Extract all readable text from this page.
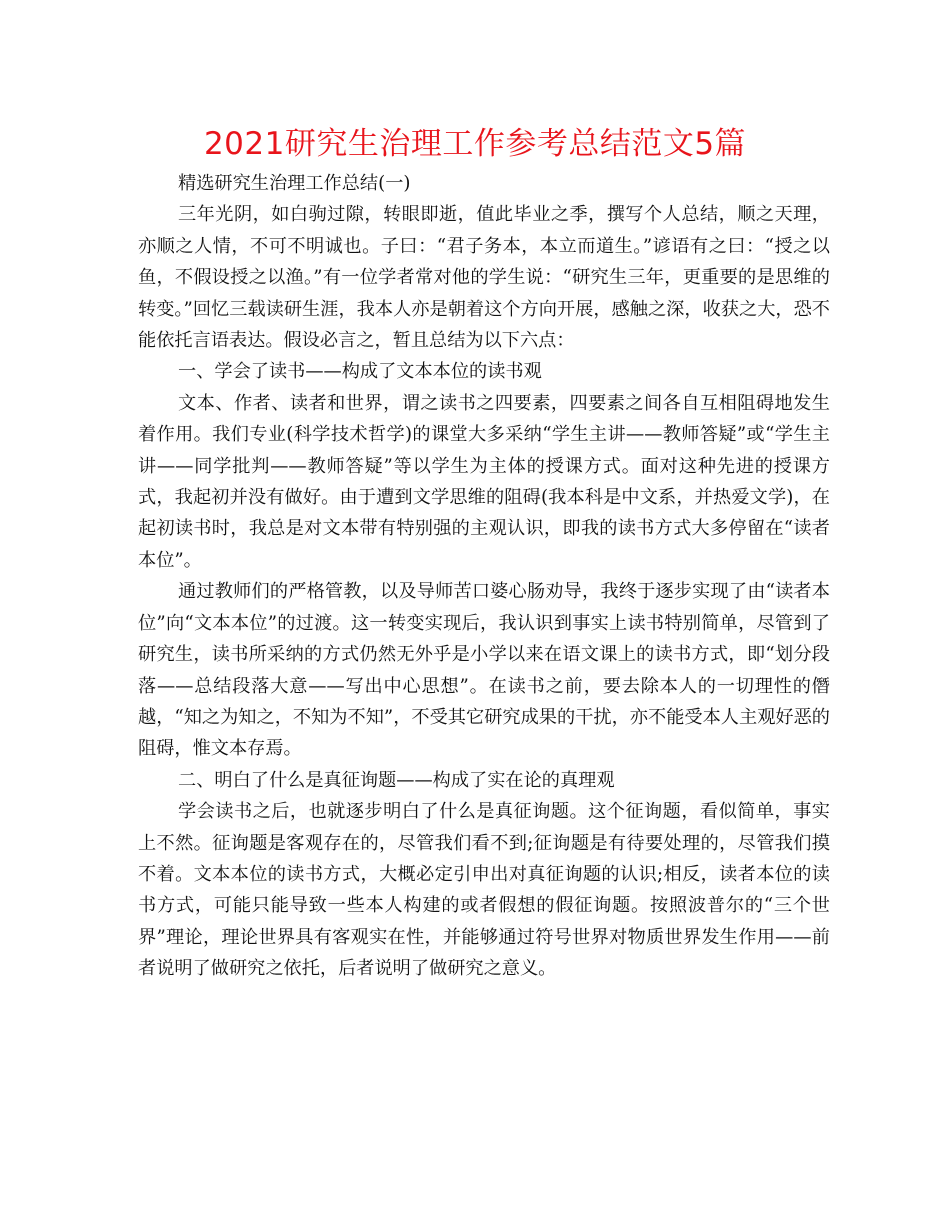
2021研究生治理工作参考总结范文5篇

精选研究生治理工作总结(一)

三年光阴，如白驹过隙，转眼即逝，值此毕业之季，撰写个人总结，顺之天理，亦顺之人情，不可不明诚也。子曰：“君子务本，本立而道生。”谚语有之曰：“授之以鱼，不假设授之以渔。”有一位学者常对他的学生说：“研究生三年，更重要的是思维的转变。”回忆三载读研生涯，我本人亦是朝着这个方向开展，感触之深，收获之大，恐不能依托言语表达。假设必言之，暂且总结为以下六点：

一、学会了读书——构成了文本本位的读书观

文本、作者、读者和世界，谓之读书之四要素，四要素之间各自互相阻碍地发生着作用。我们专业(科学技术哲学)的课堂大多采纳“学生主讲——教师答疑”或“学生主讲——同学批判——教师答疑”等以学生为主体的授课方式。面对这种先进的授课方式，我起初并没有做好。由于遭到文学思维的阻碍(我本科是中文系，并热爱文学)，在起初读书时，我总是对文本带有特别强的主观认识，即我的读书方式大多停留在“读者本位”。

通过教师们的严格管教，以及导师苦口婆心肠劝导，我终于逐步实现了由“读者本位”向“文本本位”的过渡。这一转变实现后，我认识到事实上读书特别简单，尽管到了研究生，读书所采纳的方式仍然无外乎是小学以来在语文课上的读书方式，即“划分段落——总结段落大意——写出中心思想”。在读书之前，要去除本人的一切理性的僭越，“知之为知之，不知为不知”，不受其它研究成果的干扰，亦不能受本人主观好恶的阻碍，惟文本存焉。

二、明白了什么是真征询题——构成了实在论的真理观

学会读书之后，也就逐步明白了什么是真征询题。这个征询题，看似简单，事实上不然。征询题是客观存在的，尽管我们看不到;征询题是有待要处理的，尽管我们摸不着。文本本位的读书方式，大概必定引申出对真征询题的认识;相反，读者本位的读书方式，可能只能导致一些本人构建的或者假想的假征询题。按照波普尔的“三个世界”理论，理论世界具有客观实在性，并能够通过符号世界对物质世界发生作用——前者说明了做研究之依托，后者说明了做研究之意义。
